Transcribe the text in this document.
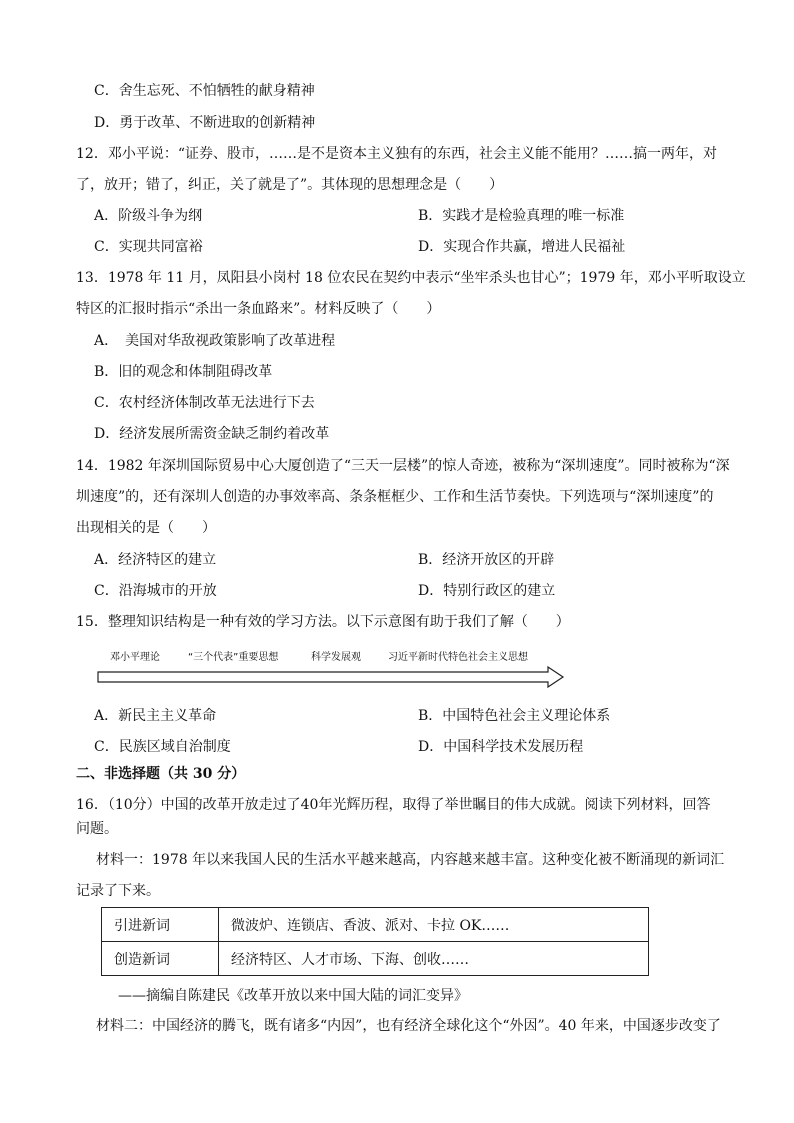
C．舍生忘死、不怕牺牲的献身精神
D．勇于改革、不断进取的创新精神
12．邓小平说：“证券、股市，……是不是资本主义独有的东西，社会主义能不能用？……搞一两年，对
了，放开；错了，纠正，关了就是了”。其体现的思想理念是（　　）
A．阶级斗争为纲	B．实践才是检验真理的唯一标准
C．实现共同富裕	D．实现合作共赢，增进人民福祉
13．1978 年 11 月，凤阳县小岗村 18 位农民在契约中表示“坐牢杀头也甘心”；1979 年，邓小平听取设立
特区的汇报时指示“杀出一条血路来”。材料反映了（　　）
A．　美国对华敌视政策影响了改革进程
B．旧的观念和体制阻碍改革
C．农村经济体制改革无法进行下去
D．经济发展所需资金缺乏制约着改革
14．1982 年深圳国际贸易中心大厦创造了“三天一层楼”的惊人奇迹，被称为“深圳速度”。同时被称为“深
圳速度”的，还有深圳人创造的办事效率高、条条框框少、工作和生活节奏快。下列选项与“深圳速度”的
出现相关的是（　　）
A．经济特区的建立	B．经济开放区的开辟
C．沿海城市的开放	D．特别行政区的建立
15．整理知识结构是一种有效的学习方法。以下示意图有助于我们了解（　　）
邓小平理论	“三个代表”重要思想	科学发展观	习近平新时代特色社会主义思想
A．新民主主义革命	B．中国特色社会主义理论体系
C．民族区域自治制度	D．中国科学技术发展历程
二、非选择题（共 30 分）
16．（10分）中国的改革开放走过了40年光辉历程，取得了举世瞩目的伟大成就。阅读下列材料，回答
问题。
材料一：1978 年以来我国人民的生活水平越来越高，内容越来越丰富。这种变化被不断涌现的新词汇
记录了下来。
引进新词	微波炉、连锁店、香波、派对、卡拉 OK……
创造新词	经济特区、人才市场、下海、创收……
——摘编自陈建民《改革开放以来中国大陆的词汇变异》
材料二：中国经济的腾飞，既有诸多“内因”，也有经济全球化这个“外因”。40 年来，中国逐步改变了
